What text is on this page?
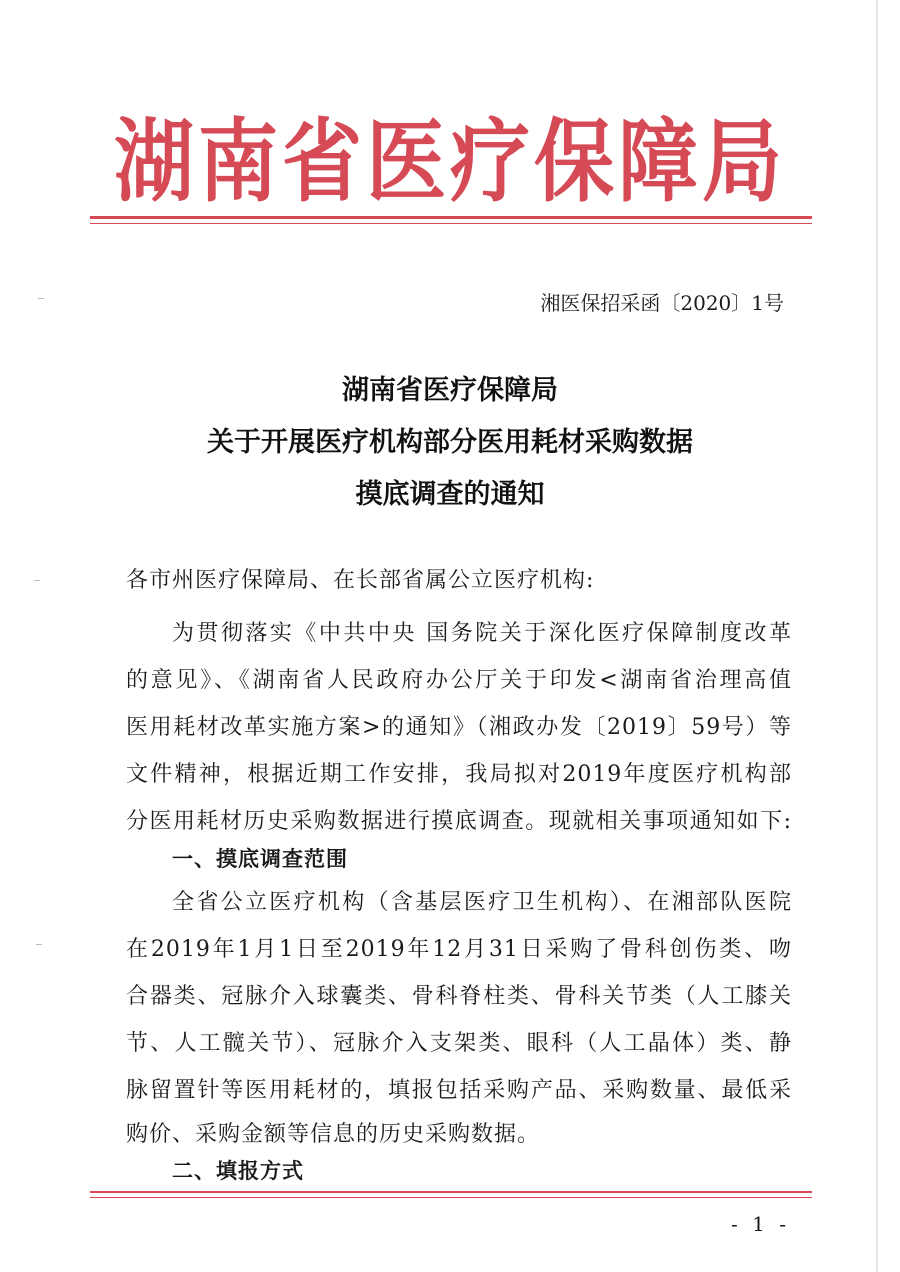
湖南省医疗保障局
湘医保招采函〔2020〕1号
湖南省医疗保障局
关于开展医疗机构部分医用耗材采购数据
摸底调查的通知
各市州医疗保障局、在长部省属公立医疗机构:
为贯彻落实《中共中央 国务院关于深化医疗保障制度改革
的意见》、《湖南省人民政府办公厅关于印发<湖南省治理高值
医用耗材改革实施方案>的通知》（湘政办发〔2019〕59号）等
文件精神，根据近期工作安排，我局拟对2019年度医疗机构部
分医用耗材历史采购数据进行摸底调查。现就相关事项通知如下:
一、摸底调查范围
全省公立医疗机构（含基层医疗卫生机构）、在湘部队医院
在2019年1月1日至2019年12月31日采购了骨科创伤类、吻
合器类、冠脉介入球囊类、骨科脊柱类、骨科关节类（人工膝关
节、人工髋关节）、冠脉介入支架类、眼科（人工晶体）类、静
脉留置针等医用耗材的，填报包括采购产品、采购数量、最低采
购价、采购金额等信息的历史采购数据。
二、填报方式
- 1 -
